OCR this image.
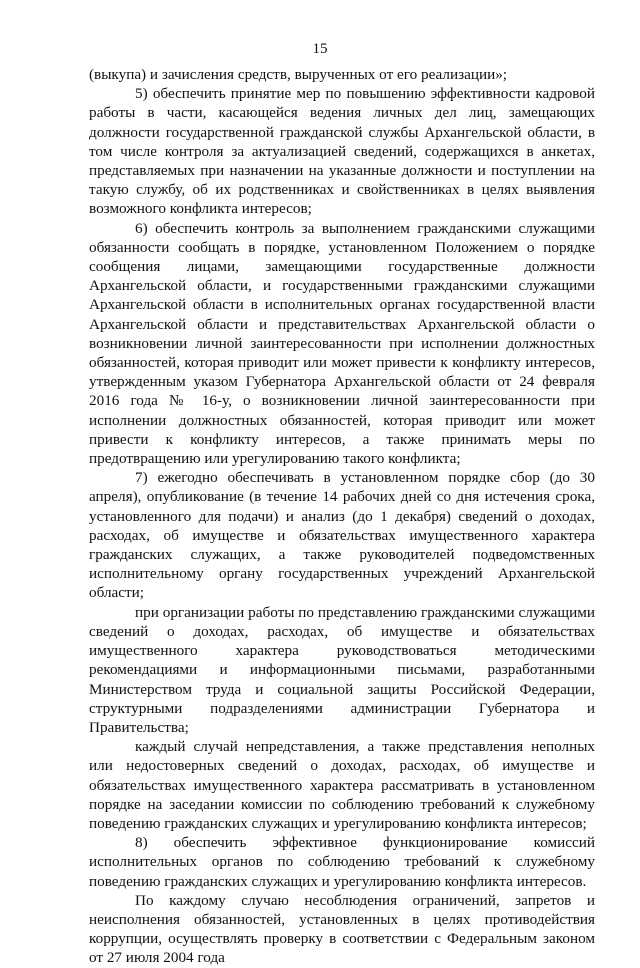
15

(выкупа) и зачисления средств, вырученных от его реализации»;

5) обеспечить принятие мер по повышению эффективности кадровой работы в части, касающейся ведения личных дел лиц, замещающих должности государственной гражданской службы Архангельской области, в том числе контроля за актуализацией сведений, содержащихся в анкетах, представляемых при назначении на указанные должности и поступлении на такую службу, об их родственниках и свойственниках в целях выявления возможного конфликта интересов;

6) обеспечить контроль за выполнением гражданскими служащими обязанности сообщать в порядке, установленном Положением о порядке сообщения лицами, замещающими государственные должности Архангельской области, и государственными гражданскими служащими Архангельской области в исполнительных органах государственной власти Архангельской области и представительствах Архангельской области о возникновении личной заинтересованности при исполнении должностных обязанностей, которая приводит или может привести к конфликту интересов, утвержденным указом Губернатора Архангельской области от 24 февраля 2016 года № 16-у, о возникновении личной заинтересованности при исполнении должностных обязанностей, которая приводит или может привести к конфликту интересов, а также принимать меры по предотвращению или урегулированию такого конфликта;

7) ежегодно обеспечивать в установленном порядке сбор (до 30 апреля), опубликование (в течение 14 рабочих дней со дня истечения срока, установленного для подачи) и анализ (до 1 декабря) сведений о доходах, расходах, об имуществе и обязательствах имущественного характера гражданских служащих, а также руководителей подведомственных исполнительному органу государственных учреждений Архангельской области;

при организации работы по представлению гражданскими служащими сведений о доходах, расходах, об имуществе и обязательствах имущественного характера руководствоваться методическими рекомендациями и информационными письмами, разработанными Министерством труда и социальной защиты Российской Федерации, структурными подразделениями администрации Губернатора и Правительства;

каждый случай непредставления, а также представления неполных или недостоверных сведений о доходах, расходах, об имуществе и обязательствах имущественного характера рассматривать в установленном порядке на заседании комиссии по соблюдению требований к служебному поведению гражданских служащих и урегулированию конфликта интересов;

8) обеспечить эффективное функционирование комиссий исполнительных органов по соблюдению требований к служебному поведению гражданских служащих и урегулированию конфликта интересов.

По каждому случаю несоблюдения ограничений, запретов и неисполнения обязанностей, установленных в целях противодействия коррупции, осуществлять проверку в соответствии с Федеральным законом от 27 июля 2004 года
